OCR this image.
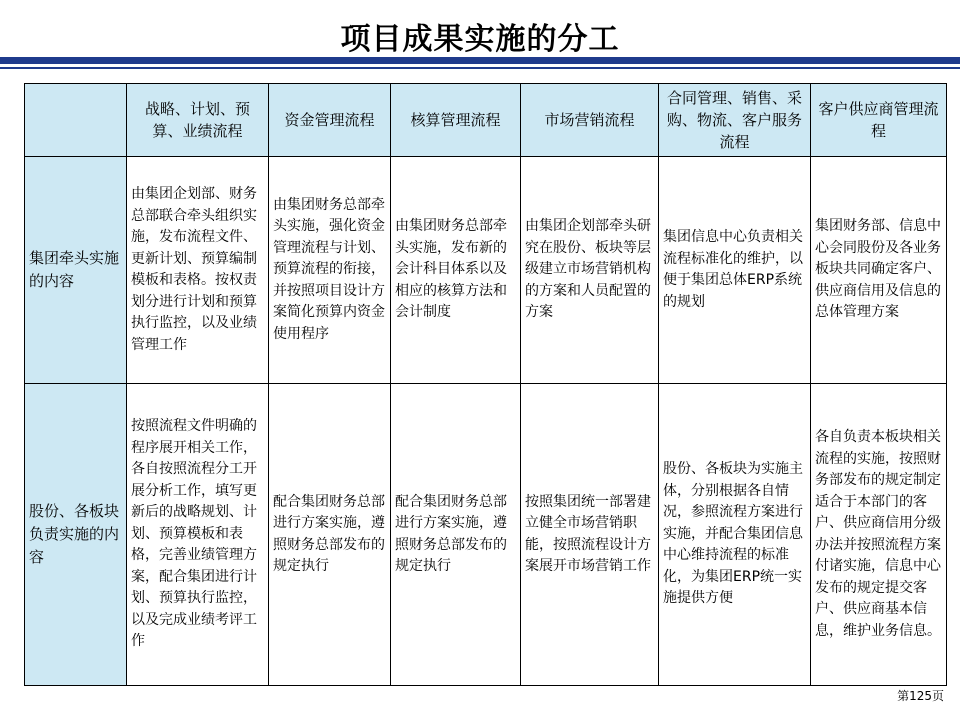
项目成果实施的分工
	战略、计划、预算、业绩流程	资金管理流程	核算管理流程	市场营销流程	合同管理、销售、采购、物流、客户服务流程	客户供应商管理流程
集团牵头实施的内容	由集团企划部、财务总部联合牵头组织实施，发布流程文件、更新计划、预算编制模板和表格。按权责划分进行计划和预算执行监控，以及业绩管理工作	由集团财务总部牵头实施，强化资金管理流程与计划、预算流程的衔接，并按照项目设计方案简化预算内资金使用程序	由集团财务总部牵头实施，发布新的会计科目体系以及相应的核算方法和会计制度	由集团企划部牵头研究在股份、板块等层级建立市场营销机构的方案和人员配置的方案	集团信息中心负责相关流程标准化的维护，以便于集团总体ERP系统的规划	集团财务部、信息中心会同股份及各业务板块共同确定客户、供应商信用及信息的总体管理方案
股份、各板块负责实施的内容	按照流程文件明确的程序展开相关工作，各自按照流程分工开展分析工作，填写更新后的战略规划、计划、预算模板和表格，完善业绩管理方案，配合集团进行计划、预算执行监控，以及完成业绩考评工作	配合集团财务总部进行方案实施，遵照财务总部发布的规定执行	配合集团财务总部进行方案实施，遵照财务总部发布的规定执行	按照集团统一部署建立健全市场营销职能，按照流程设计方案展开市场营销工作	股份、各板块为实施主体，分别根据各自情况，参照流程方案进行实施，并配合集团信息中心维持流程的标准化，为集团ERP统一实施提供方便	各自负责本板块相关流程的实施，按照财务部发布的规定制定适合于本部门的客户、供应商信用分级办法并按照流程方案付诸实施，信息中心发布的规定提交客户、供应商基本信息，维护业务信息。
第125页
